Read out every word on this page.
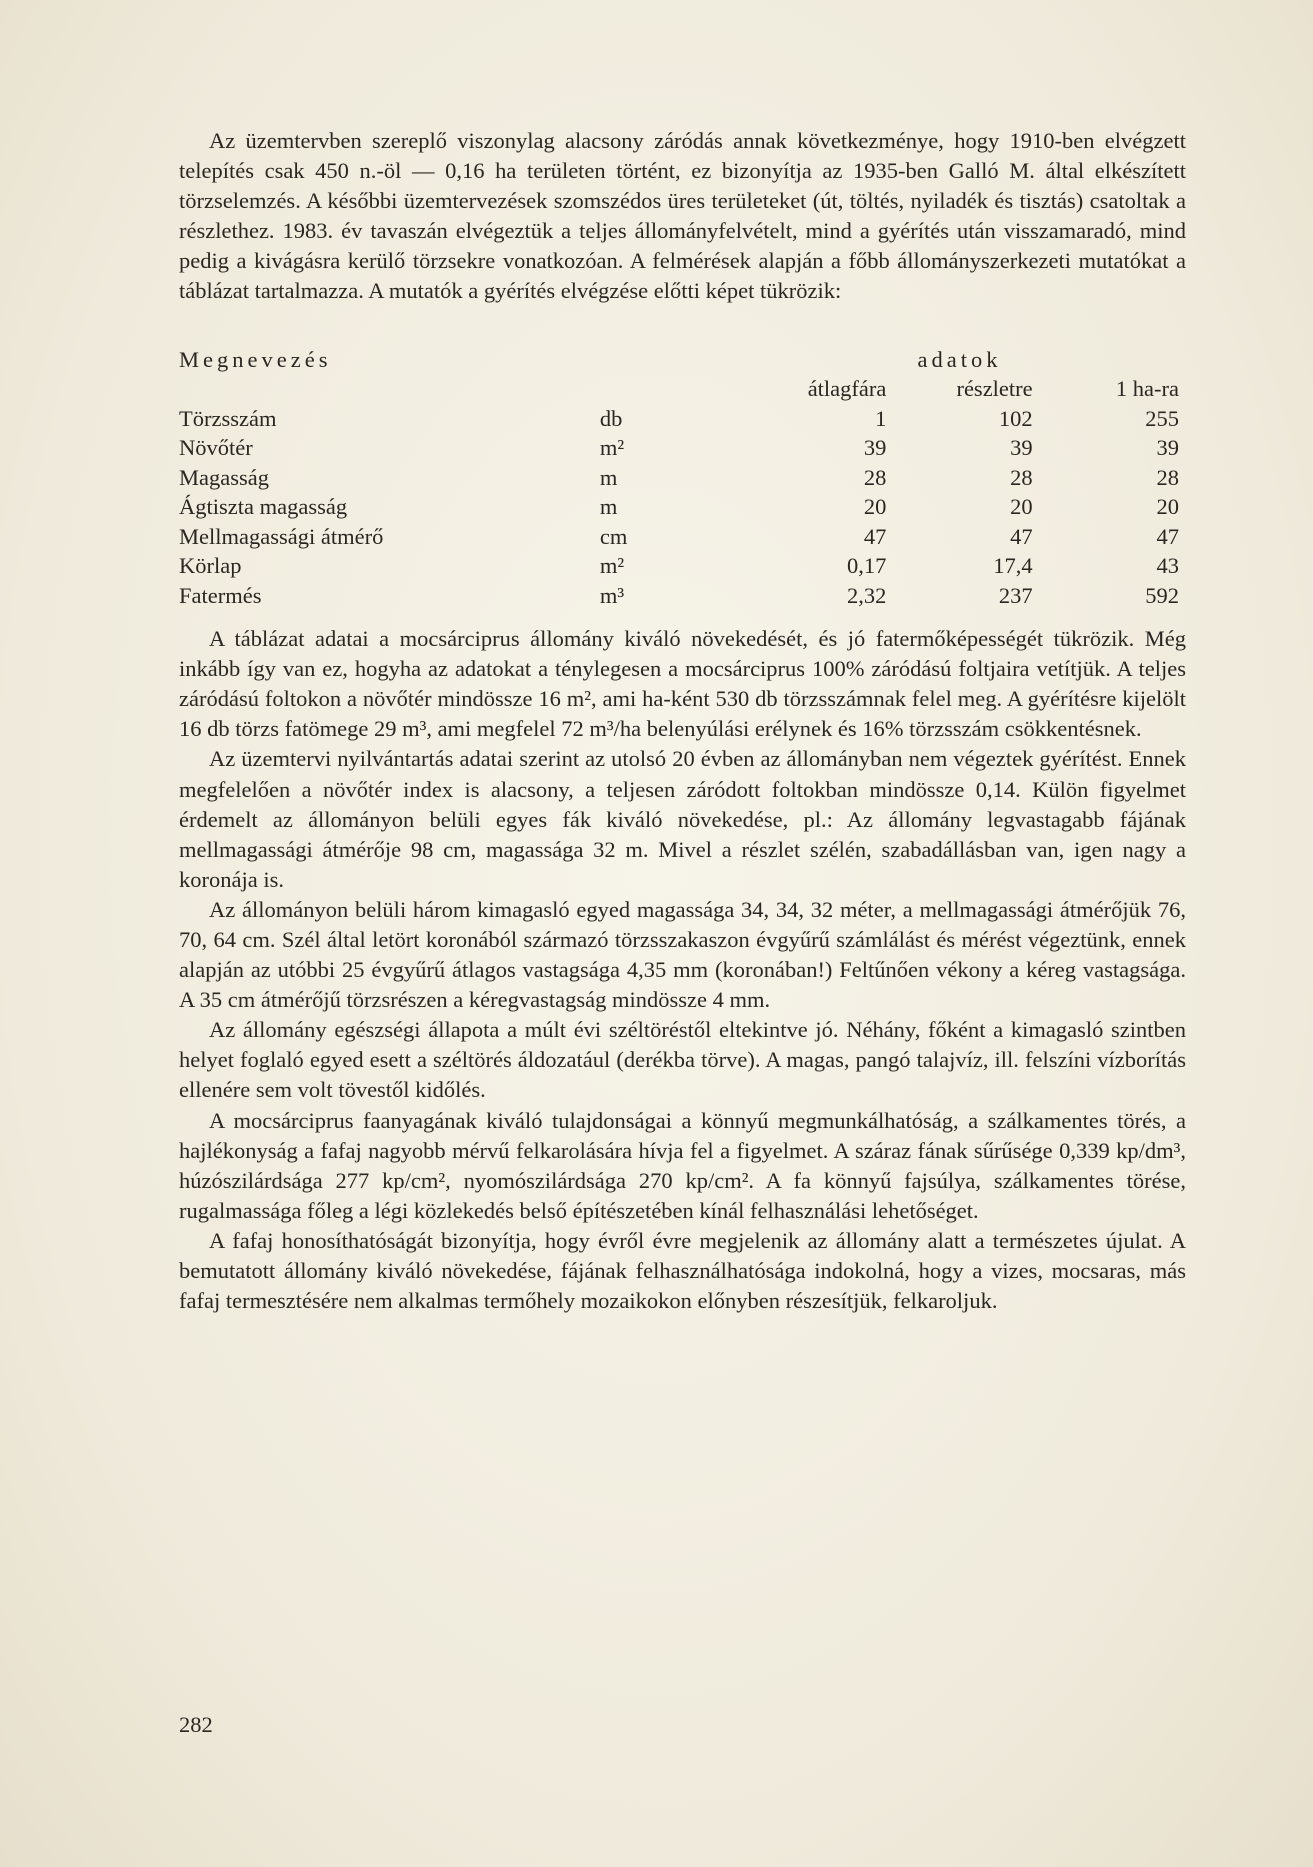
Az üzemtervben szereplő viszonylag alacsony záródás annak következménye, hogy 1910-ben elvégzett telepítés csak 450 n.-öl — 0,16 ha területen történt, ez bizonyítja az 1935-ben Galló M. által elkészített törzselemzés. A későbbi üzemtervezések szomszédos üres területeket (út, töltés, nyiladék és tisztás) csatoltak a részlethez. 1983. év tavaszán elvégeztük a teljes állományfelvételt, mind a gyérítés után visszamaradó, mind pedig a kivágásra kerülő törzsekre vonatkozóan. A felmérések alapján a főbb állományszerkezeti mutatókat a táblázat tartalmazza. A mutatók a gyérítés elvégzése előtti képet tükrözik:

Megnevezés			adatok	
		átlagfára	részletre	1 ha-ra
Törzsszám	db	1	102	255
Növőtér	m²	39	39	39
Magasság	m	28	28	28
Ágtiszta magasság	m	20	20	20
Mellmagassági átmérő	cm	47	47	47
Körlap	m²	0,17	17,4	43
Fatermés	m³	2,32	237	592

A táblázat adatai a mocsárciprus állomány kiváló növekedését, és jó fatermőképességét tükrözik. Még inkább így van ez, hogyha az adatokat a ténylegesen a mocsárciprus 100% záródású foltjaira vetítjük. A teljes záródású foltokon a növőtér mindössze 16 m², ami ha-ként 530 db törzsszámnak felel meg. A gyérítésre kijelölt 16 db törzs fatömege 29 m³, ami megfelel 72 m³/ha belenyúlási erélynek és 16% törzsszám csökkentésnek.

Az üzemtervi nyilvántartás adatai szerint az utolsó 20 évben az állományban nem végeztek gyérítést. Ennek megfelelően a növőtér index is alacsony, a teljesen záródott foltokban mindössze 0,14. Külön figyelmet érdemelt az állományon belüli egyes fák kiváló növekedése, pl.: Az állomány legvastagabb fájának mellmagassági átmérője 98 cm, magassága 32 m. Mivel a részlet szélén, szabadállásban van, igen nagy a koronája is.

Az állományon belüli három kimagasló egyed magassága 34, 34, 32 méter, a mellmagassági átmérőjük 76, 70, 64 cm. Szél által letört koronából származó törzsszakaszon évgyűrű számlálást és mérést végeztünk, ennek alapján az utóbbi 25 évgyűrű átlagos vastagsága 4,35 mm (koronában!) Feltűnően vékony a kéreg vastagsága. A 35 cm átmérőjű törzsrészen a kéregvastagság mindössze 4 mm.

Az állomány egészségi állapota a múlt évi széltöréstől eltekintve jó. Néhány, főként a kimagasló szintben helyet foglaló egyed esett a széltörés áldozatául (derékba törve). A magas, pangó talajvíz, ill. felszíni vízborítás ellenére sem volt tövestől kidőlés.

A mocsárciprus faanyagának kiváló tulajdonságai a könnyű megmunkálhatóság, a szálkamentes törés, a hajlékonyság a fafaj nagyobb mérvű felkarolására hívja fel a figyelmet. A száraz fának sűrűsége 0,339 kp/dm³, húzószilárdsága 277 kp/cm², nyomószilárdsága 270 kp/cm². A fa könnyű fajsúlya, szálkamentes törése, rugalmassága főleg a légi közlekedés belső építészetében kínál felhasználási lehetőséget.

A fafaj honosíthatóságát bizonyítja, hogy évről évre megjelenik az állomány alatt a természetes újulat. A bemutatott állomány kiváló növekedése, fájának felhasználhatósága indokolná, hogy a vizes, mocsaras, más fafaj termesztésére nem alkalmas termőhely mozaikokon előnyben részesítjük, felkaroljuk.

282
